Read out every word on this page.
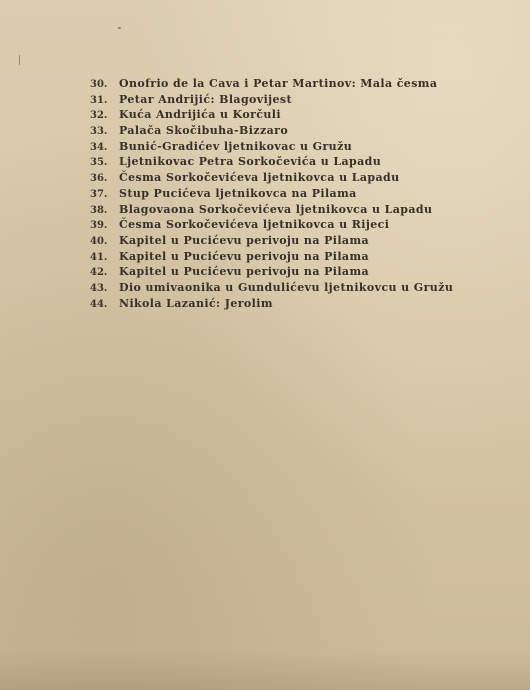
30.	Onofrio de la Cava i Petar Martinov: Mala česma
31.	Petar Andrijić: Blagovijest
32.	Kuća Andrijića u Korčuli
33.	Palača Skočibuha-Bizzaro
34.	Bunić-Gradićev ljetnikovac u Gružu
35.	Ljetnikovac Petra Sorkočevića u Lapadu
36.	Česma Sorkočevićeva ljetnikovca u Lapadu
37.	Stup Pucićeva ljetnikovca na Pilama
38.	Blagovaona Sorkočevićeva ljetnikovca u Lapadu
39.	Česma Sorkočevićeva ljetnikovca u Rijeci
40.	Kapitel u Pucićevu perivoju na Pilama
41.	Kapitel u Pucićevu perivoju na Pilama
42.	Kapitel u Pucićevu perivoju na Pilama
43.	Dio umivaonika u Gundulićevu ljetnikovcu u Gružu
44.	Nikola Lazanić: Jerolim
